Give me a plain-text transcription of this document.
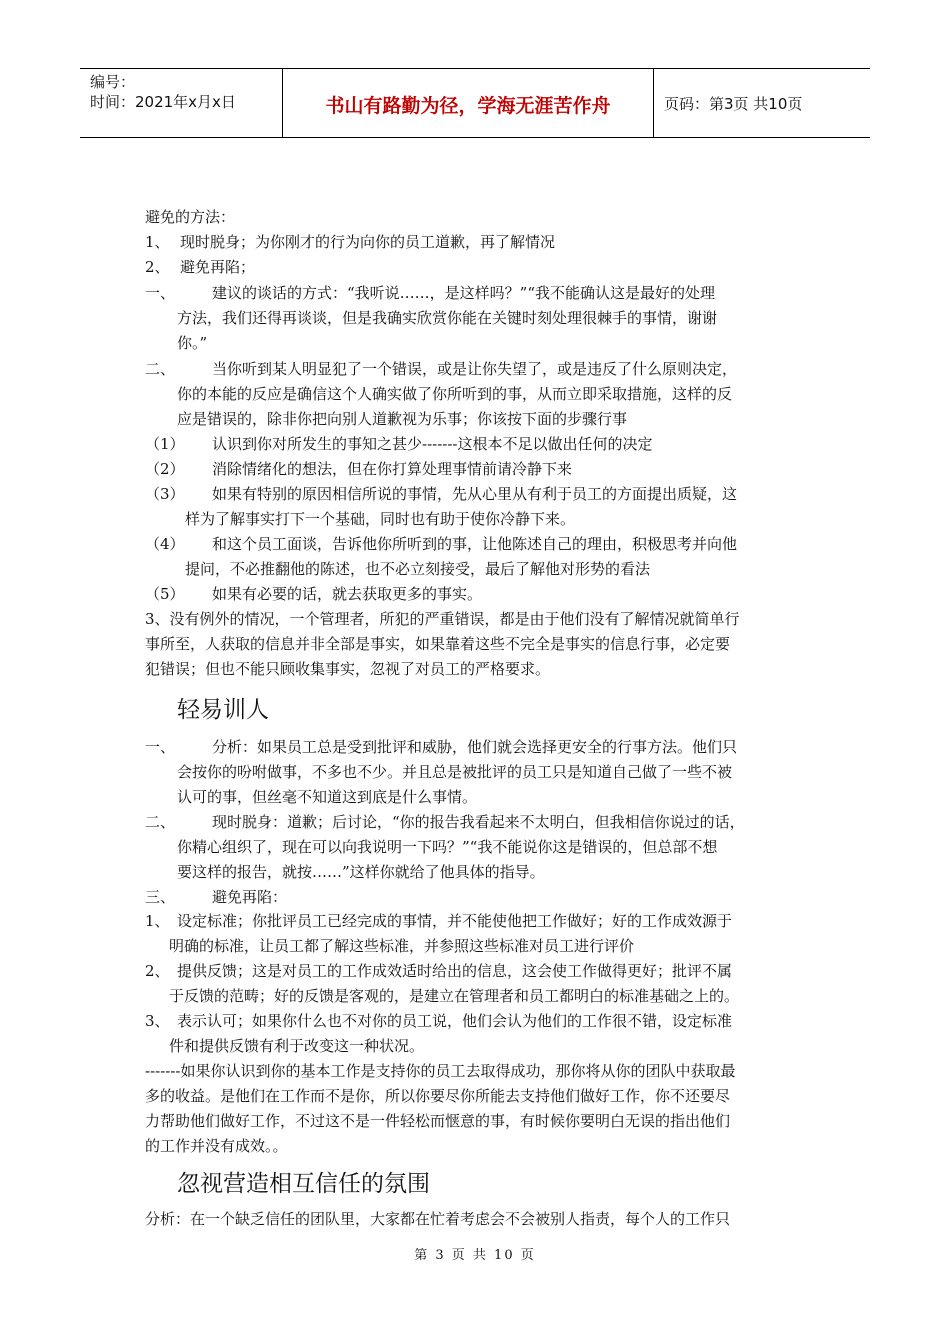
编号：
时间：2021年x月x日	书山有路勤为径，学海无涯苦作舟	页码：第3页 共10页
避免的方法：
1、 现时脱身；为你刚才的行为向你的员工道歉，再了解情况
2、 避免再陷；
一、 建议的谈话的方式：“我听说……，是这样吗？”“我不能确认这是最好的处理
方法，我们还得再谈谈，但是我确实欣赏你能在关键时刻处理很棘手的事情，谢谢
你。”
二、 当你听到某人明显犯了一个错误，或是让你失望了，或是违反了什么原则决定，
你的本能的反应是确信这个人确实做了你所听到的事，从而立即采取措施，这样的反
应是错误的，除非你把向别人道歉视为乐事；你该按下面的步骤行事
（1） 认识到你对所发生的事知之甚少-------这根本不足以做出任何的决定
（2） 消除情绪化的想法，但在你打算处理事情前请冷静下来
（3） 如果有特别的原因相信所说的事情，先从心里从有利于员工的方面提出质疑，这
样为了解事实打下一个基础，同时也有助于使你冷静下来。
（4） 和这个员工面谈，告诉他你所听到的事，让他陈述自己的理由，积极思考并向他
提问，不必推翻他的陈述，也不必立刻接受，最后了解他对形势的看法
（5） 如果有必要的话，就去获取更多的事实。
3、没有例外的情况，一个管理者，所犯的严重错误，都是由于他们没有了解情况就简单行
事所至，人获取的信息并非全部是事实，如果靠着这些不完全是事实的信息行事，必定要
犯错误；但也不能只顾收集事实，忽视了对员工的严格要求。
轻易训人
一、 分析：如果员工总是受到批评和威胁，他们就会选择更安全的行事方法。他们只
会按你的吩咐做事，不多也不少。并且总是被批评的员工只是知道自己做了一些不被
认可的事，但丝毫不知道这到底是什么事情。
二、 现时脱身：道歉；后讨论，“你的报告我看起来不太明白，但我相信你说过的话，
你精心组织了，现在可以向我说明一下吗？”“我不能说你这是错误的，但总部不想
要这样的报告，就按……”这样你就给了他具体的指导。
三、 避免再陷：
1、 设定标准；你批评员工已经完成的事情，并不能使他把工作做好；好的工作成效源于
明确的标准，让员工都了解这些标准，并参照这些标准对员工进行评价
2、 提供反馈；这是对员工的工作成效适时给出的信息，这会使工作做得更好；批评不属
于反馈的范畴；好的反馈是客观的，是建立在管理者和员工都明白的标准基础之上的。
3、 表示认可；如果你什么也不对你的员工说，他们会认为他们的工作很不错，设定标准
件和提供反馈有利于改变这一种状况。
-------如果你认识到你的基本工作是支持你的员工去取得成功，那你将从你的团队中获取最
多的收益。是他们在工作而不是你，所以你要尽你所能去支持他们做好工作，你不还要尽
力帮助他们做好工作，不过这不是一件轻松而惬意的事，有时候你要明白无误的指出他们
的工作并没有成效。。
忽视营造相互信任的氛围
分析：在一个缺乏信任的团队里，大家都在忙着考虑会不会被别人指责，每个人的工作只
第 3 页 共 10 页
